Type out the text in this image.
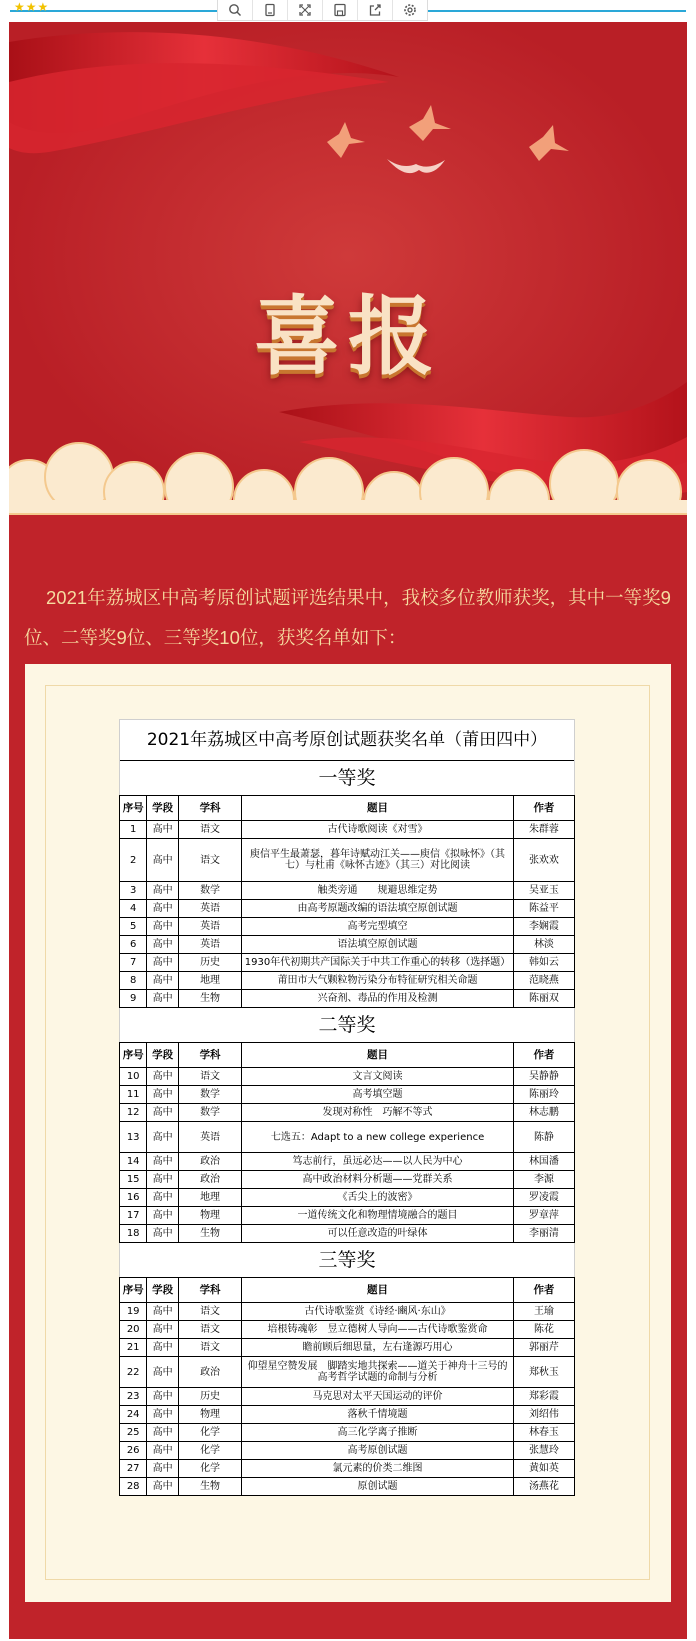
★★★
喜报
2021年荔城区中高考原创试题评选结果中，我校多位教师获奖，其中一等奖9位、二等奖9位、三等奖10位，获奖名单如下：
2021年荔城区中高考原创试题获奖名单（莆田四中）				
一等奖				
序号	学段	学科	题目	作者
1	高中	语文	古代诗歌阅读《对雪》	朱群蓉
2	高中	语文	庾信平生最萧瑟，暮年诗赋动江关——庾信《拟咏怀》（其七）与杜甫《咏怀古迹》（其三）对比阅读	张欢欢
3	高中	数学	触类旁通　　规避思维定势	吴亚玉
4	高中	英语	由高考原题改编的语法填空原创试题	陈益平
5	高中	英语	高考完型填空	李娴霞
6	高中	英语	语法填空原创试题	林淡
7	高中	历史	1930年代初期共产国际关于中共工作重心的转移（选择题）	韩如云
8	高中	地理	莆田市大气颗粒物污染分布特征研究相关命题	范晓燕
9	高中	生物	兴奋剂、毒品的作用及检测	陈丽双
二等奖				
序号	学段	学科	题目	作者
10	高中	语文	文言文阅读	吴静静
11	高中	数学	高考填空题	陈丽玲
12	高中	数学	发现对称性　巧解不等式	林志鹏
13	高中	英语	七选五：Adapt to a new college experience	陈静
14	高中	政治	笃志前行，虽远必达——以人民为中心	林国潘
15	高中	政治	高中政治材料分析题——党群关系	李源
16	高中	地理	《舌尖上的波密》	罗凌霞
17	高中	物理	一道传统文化和物理情境融合的题目	罗章萍
18	高中	生物	可以任意改造的叶绿体	李丽清
三等奖				
序号	学段	学科	题目	作者
19	高中	语文	古代诗歌鉴赏《诗经·豳风·东山》	王瑜
20	高中	语文	培根铸魂彰　昱立德树人导向——古代诗歌鉴赏命	陈花
21	高中	语文	瞻前顾后细思量，左右逢源巧用心	郭丽芹
22	高中	政治	仰望星空赞发展　脚踏实地共探索——道关于神舟十三号的高考哲学试题的命制与分析	郑秋玉
23	高中	历史	马克思对太平天国运动的评价	郑彩霞
24	高中	物理	落秋千情境题	刘绍伟
25	高中	化学	高三化学离子推断	林春玉
26	高中	化学	高考原创试题	张慧玲
27	高中	化学	氯元素的价类二维图	黄如英
28	高中	生物	原创试题	汤燕花
